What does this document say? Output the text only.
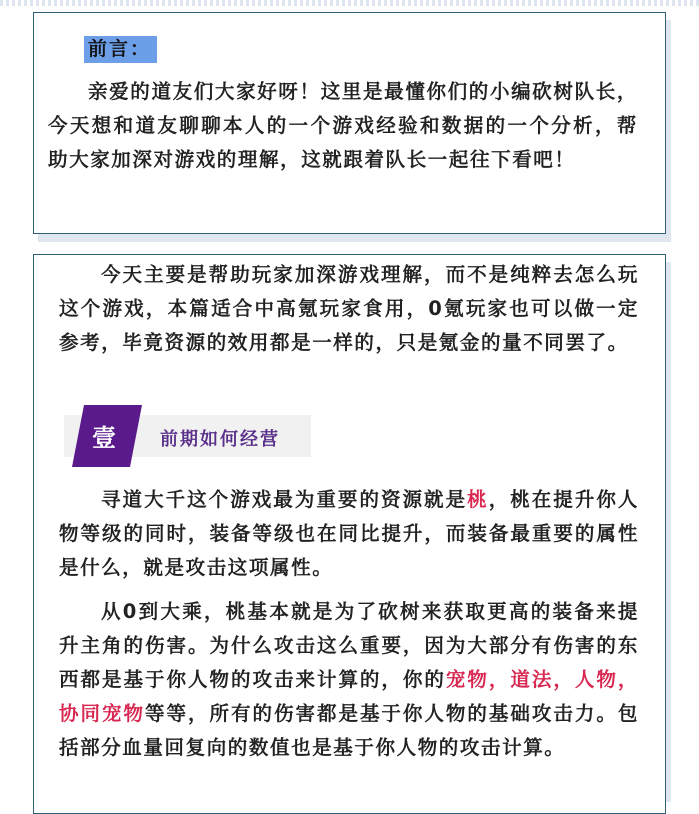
前言：
亲爱的道友们大家好呀！这里是最懂你们的小编砍树队长，今天想和道友聊聊本人的一个游戏经验和数据的一个分析，帮助大家加深对游戏的理解，这就跟着队长一起往下看吧！
今天主要是帮助玩家加深游戏理解，而不是纯粹去怎么玩这个游戏，本篇适合中高氪玩家食用，0氪玩家也可以做一定参考，毕竟资源的效用都是一样的，只是氪金的量不同罢了。
壹 前期如何经营
寻道大千这个游戏最为重要的资源就是桃，桃在提升你人物等级的同时，装备等级也在同比提升，而装备最重要的属性是什么，就是攻击这项属性。
从0到大乘，桃基本就是为了砍树来获取更高的装备来提升主角的伤害。为什么攻击这么重要，因为大部分有伤害的东西都是基于你人物的攻击来计算的，你的宠物，道法，人物，协同宠物等等，所有的伤害都是基于你人物的基础攻击力。包括部分血量回复向的数值也是基于你人物的攻击计算。
